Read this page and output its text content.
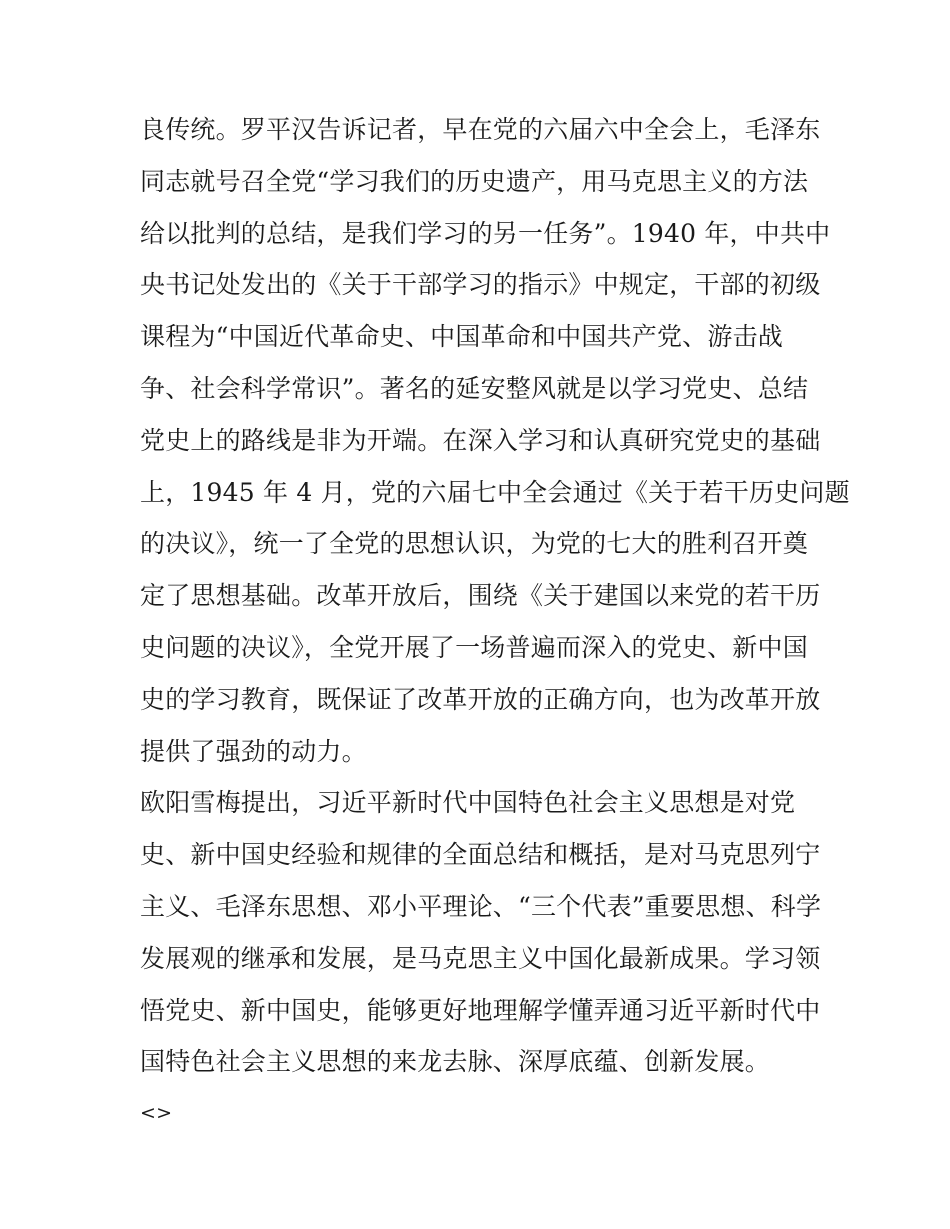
良传统。罗平汉告诉记者，早在党的六届六中全会上，毛泽东
同志就号召全党“学习我们的历史遗产，用马克思主义的方法
给以批判的总结，是我们学习的另一任务”。1940 年，中共中
央书记处发出的《关于干部学习的指示》中规定，干部的初级
课程为“中国近代革命史、中国革命和中国共产党、游击战
争、社会科学常识”。著名的延安整风就是以学习党史、总结
党史上的路线是非为开端。在深入学习和认真研究党史的基础
上，1945 年 4 月，党的六届七中全会通过《关于若干历史问题
的决议》，统一了全党的思想认识，为党的七大的胜利召开奠
定了思想基础。改革开放后，围绕《关于建国以来党的若干历
史问题的决议》，全党开展了一场普遍而深入的党史、新中国
史的学习教育，既保证了改革开放的正确方向，也为改革开放
提供了强劲的动力。
欧阳雪梅提出，习近平新时代中国特色社会主义思想是对党
史、新中国史经验和规律的全面总结和概括，是对马克思列宁
主义、毛泽东思想、邓小平理论、“三个代表”重要思想、科学
发展观的继承和发展，是马克思主义中国化最新成果。学习领
悟党史、新中国史，能够更好地理解学懂弄通习近平新时代中
国特色社会主义思想的来龙去脉、深厚底蕴、创新发展。
<>
